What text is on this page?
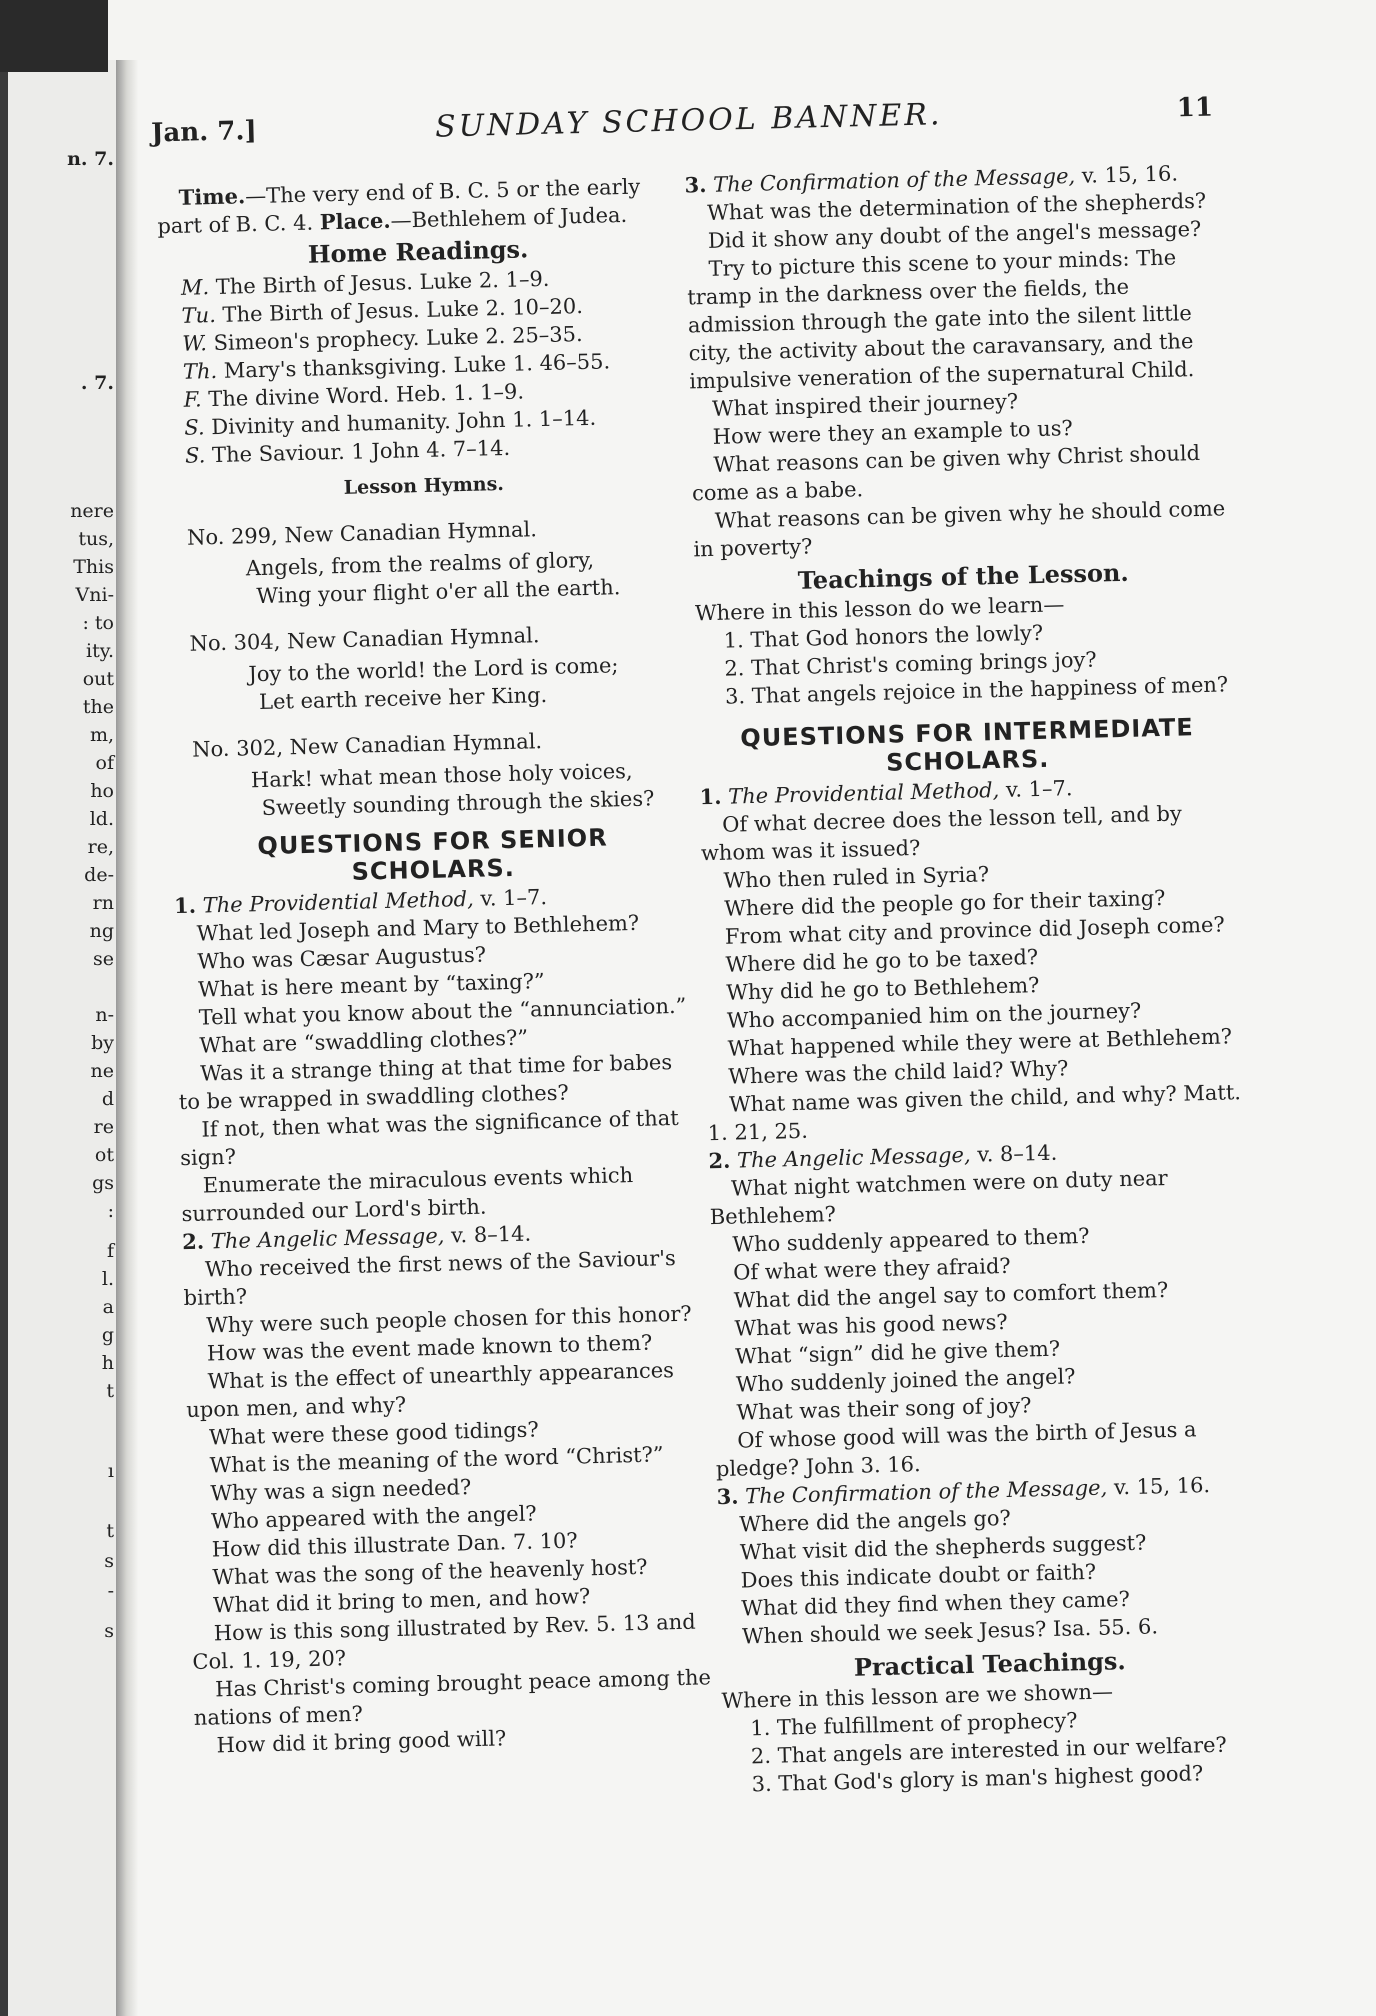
n. 7.
. 7.
nere
tus,
This
Vni-
: to
ity.
out
the
m,
of
ho
ld.
re,
de-
rn
ng
se
n-
by
ne
d
re
ot
gs
:
f
l.
a
g
h
t
ı
t
s
-
s
Jan. 7.]	SUNDAY SCHOOL BANNER.	11

Time.—The very end of B. C. 5 or the early part of B. C. 4. Place.—Bethlehem of Judea.

Home Readings.

M. The Birth of Jesus. Luke 2. 1–9.

Tu. The Birth of Jesus. Luke 2. 10–20.

W. Simeon's prophecy. Luke 2. 25–35.

Th. Mary's thanksgiving. Luke 1. 46–55.

F. The divine Word. Heb. 1. 1–9.

S. Divinity and humanity. John 1. 1–14.

S. The Saviour. 1 John 4. 7–14.

Lesson Hymns.

No. 299, New Canadian Hymnal.

Angels, from the realms of glory,

Wing your flight o'er all the earth.

No. 304, New Canadian Hymnal.

Joy to the world! the Lord is come;

Let earth receive her King.

No. 302, New Canadian Hymnal.

Hark! what mean those holy voices,

Sweetly sounding through the skies?

QUESTIONS FOR SENIOR SCHOLARS.

1. The Providential Method, v. 1–7.

What led Joseph and Mary to Bethlehem?

Who was Cæsar Augustus?

What is here meant by “taxing?”

Tell what you know about the “annunciation.”

What are “swaddling clothes?”

Was it a strange thing at that time for babes to be wrapped in swaddling clothes?

If not, then what was the significance of that sign?

Enumerate the miraculous events which surrounded our Lord's birth.

2. The Angelic Message, v. 8–14.

Who received the first news of the Saviour's birth?

Why were such people chosen for this honor?

How was the event made known to them?

What is the effect of unearthly appearances upon men, and why?

What were these good tidings?

What is the meaning of the word “Christ?”

Why was a sign needed?

Who appeared with the angel?

How did this illustrate Dan. 7. 10?

What was the song of the heavenly host?

What did it bring to men, and how?

How is this song illustrated by Rev. 5. 13 and Col. 1. 19, 20?

Has Christ's coming brought peace among the nations of men?

How did it bring good will?

3. The Confirmation of the Message, v. 15, 16.

What was the determination of the shepherds?

Did it show any doubt of the angel's message?

Try to picture this scene to your minds: The tramp in the darkness over the fields, the admission through the gate into the silent little city, the activity about the caravansary, and the impulsive veneration of the supernatural Child.

What inspired their journey?

How were they an example to us?

What reasons can be given why Christ should come as a babe.

What reasons can be given why he should come in poverty?

Teachings of the Lesson.

Where in this lesson do we learn—

1. That God honors the lowly?

2. That Christ's coming brings joy?

3. That angels rejoice in the happiness of men?

QUESTIONS FOR INTERMEDIATE SCHOLARS.

1. The Providential Method, v. 1–7.

Of what decree does the lesson tell, and by whom was it issued?

Who then ruled in Syria?

Where did the people go for their taxing?

From what city and province did Joseph come?

Where did he go to be taxed?

Why did he go to Bethlehem?

Who accompanied him on the journey?

What happened while they were at Bethlehem?

Where was the child laid? Why?

What name was given the child, and why? Matt. 1. 21, 25.

2. The Angelic Message, v. 8–14.

What night watchmen were on duty near Bethlehem?

Who suddenly appeared to them?

Of what were they afraid?

What did the angel say to comfort them?

What was his good news?

What “sign” did he give them?

Who suddenly joined the angel?

What was their song of joy?

Of whose good will was the birth of Jesus a pledge? John 3. 16.

3. The Confirmation of the Message, v. 15, 16.

Where did the angels go?

What visit did the shepherds suggest?

Does this indicate doubt or faith?

What did they find when they came?

When should we seek Jesus? Isa. 55. 6.

Practical Teachings.

Where in this lesson are we shown—

1. The fulfillment of prophecy?

2. That angels are interested in our welfare?

3. That God's glory is man's highest good?
